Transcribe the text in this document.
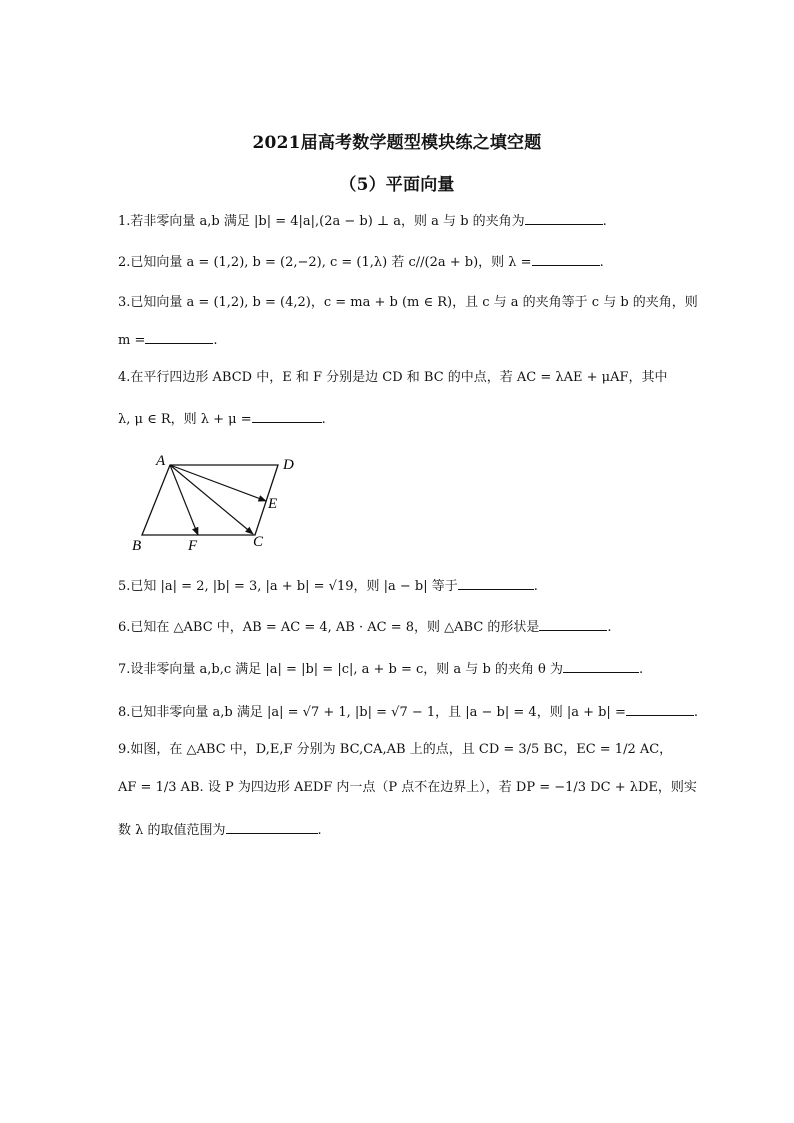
2021届高考数学题型模块练之填空题
（5）平面向量
1.若非零向量 a,b 满足 |b| = 4|a|,(2a − b) ⊥ a，则 a 与 b 的夹角为	.
2.已知向量 a = (1,2), b = (2,−2), c = (1,λ) 若 c//(2a + b)，则 λ =	.
3.已知向量 a = (1,2), b = (4,2)，c = ma + b (m ∈ R)，且 c 与 a 的夹角等于 c 与 b 的夹角，则
m =	.
4.在平行四边形 ABCD 中，E 和 F 分别是边 CD 和 BC 的中点，若 AC = λAE + μAF，其中
λ, μ ∈ R，则 λ + μ =	.
A	D
E
B	F	C
5.已知 |a| = 2, |b| = 3, |a + b| = √19，则 |a − b| 等于	.
6.已知在 △ABC 中，AB = AC = 4, AB · AC = 8，则 △ABC 的形状是	.
7.设非零向量 a,b,c 满足 |a| = |b| = |c|, a + b = c，则 a 与 b 的夹角 θ 为	.
8.已知非零向量 a,b 满足 |a| = √7 + 1, |b| = √7 − 1，且 |a − b| = 4，则 |a + b| =	.
9.如图，在 △ABC 中，D,E,F 分别为 BC,CA,AB 上的点，且 CD = 3/5 BC，EC = 1/2 AC，
AF = 1/3 AB. 设 P 为四边形 AEDF 内一点（P 点不在边界上），若 DP = −1/3 DC + λDE，则实
数 λ 的取值范围为	.
